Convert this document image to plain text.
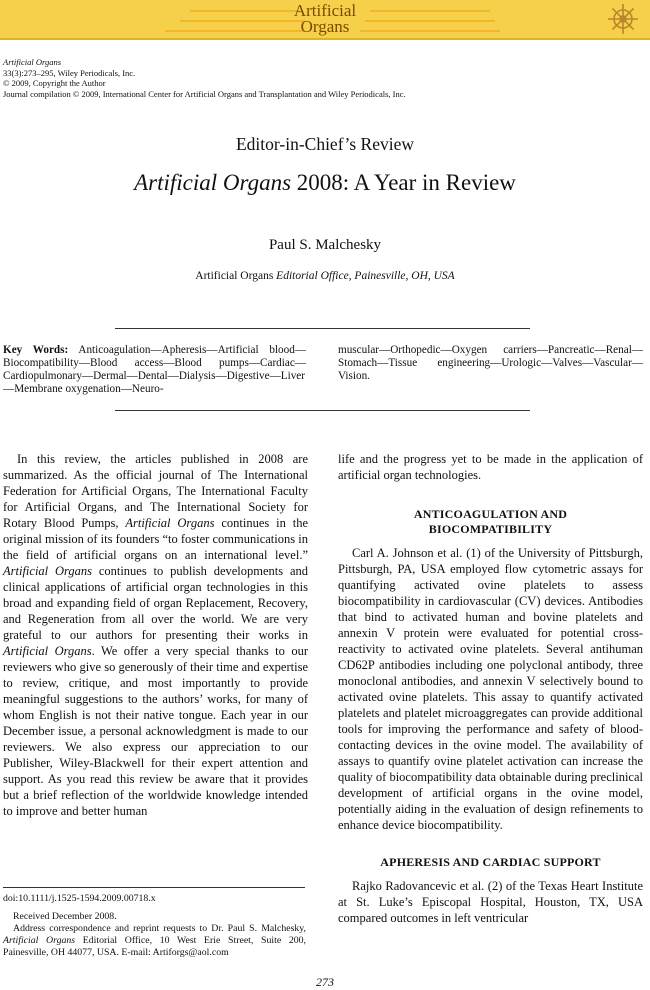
Artificial
Organs
Artificial Organs
33(3):273–295, Wiley Periodicals, Inc.
© 2009, Copyright the Author
Journal compilation © 2009, International Center for Artificial Organs and Transplantation and Wiley Periodicals, Inc.
Editor-in-Chief’s Review
Artificial Organs 2008: A Year in Review
Paul S. Malchesky
Artificial Organs Editorial Office, Painesville, OH, USA
Key Words: Anticoagulation—Apheresis—Artificial blood—Biocompatibility—Blood access—Blood pumps—Cardiac—Cardiopulmonary—Dermal—Dental—Dialysis—Digestive—Liver—Membrane oxygenation—Neuro-
muscular—Orthopedic—Oxygen carriers—Pancreatic—Renal—Stomach—Tissue engineering—Urologic—Valves—Vascular—Vision.

In this review, the articles published in 2008 are summarized. As the official journal of The International Federation for Artificial Organs, The International Faculty for Artificial Organs, and The International Society for Rotary Blood Pumps, Artificial Organs continues in the original mission of its founders “to foster communications in the field of artificial organs on an international level.” Artificial Organs continues to publish developments and clinical applications of artificial organ technologies in this broad and expanding field of organ Replacement, Recovery, and Regeneration from all over the world. We are very grateful to our authors for presenting their works in Artificial Organs. We offer a very special thanks to our reviewers who give so generously of their time and expertise to review, critique, and most importantly to provide meaningful suggestions to the authors’ works, for many of whom English is not their native tongue. Each year in our December issue, a personal acknowledgment is made to our reviewers. We also express our appreciation to our Publisher, Wiley-Blackwell for their expert attention and support. As you read this review be aware that it provides but a brief reflection of the worldwide knowledge intended to improve and better human

life and the progress yet to be made in the application of artificial organ technologies.

ANTICOAGULATION AND
BIOCOMPATIBILITY

Carl A. Johnson et al. (1) of the University of Pittsburgh, Pittsburgh, PA, USA employed flow cytometric assays for quantifying activated ovine platelets to assess biocompatibility in cardiovascular (CV) devices. Antibodies that bind to activated human and bovine platelets and annexin V protein were evaluated for potential cross-reactivity to activated ovine platelets. Several antihuman CD62P antibodies including one polyclonal antibody, three monoclonal antibodies, and annexin V selectively bound to activated ovine platelets. This assay to quantify activated platelets and platelet microaggregates can provide additional tools for improving the performance and safety of blood-contacting devices in the ovine model. The availability of assays to quantify ovine platelet activation can increase the quality of biocompatibility data obtainable during preclinical development of artificial organs in the ovine model, potentially aiding in the evaluation of design refinements to enhance device biocompatibility.

APHERESIS AND CARDIAC SUPPORT

Rajko Radovancevic et al. (2) of the Texas Heart Institute at St. Luke’s Episcopal Hospital, Houston, TX, USA compared outcomes in left ventricular

doi:10.1111/j.1525-1594.2009.00718.x
Received December 2008.
Address correspondence and reprint requests to Dr. Paul S. Malchesky, Artificial Organs Editorial Office, 10 West Erie Street, Suite 200, Painesville, OH 44077, USA. E-mail: Artiforgs@aol.com
273
